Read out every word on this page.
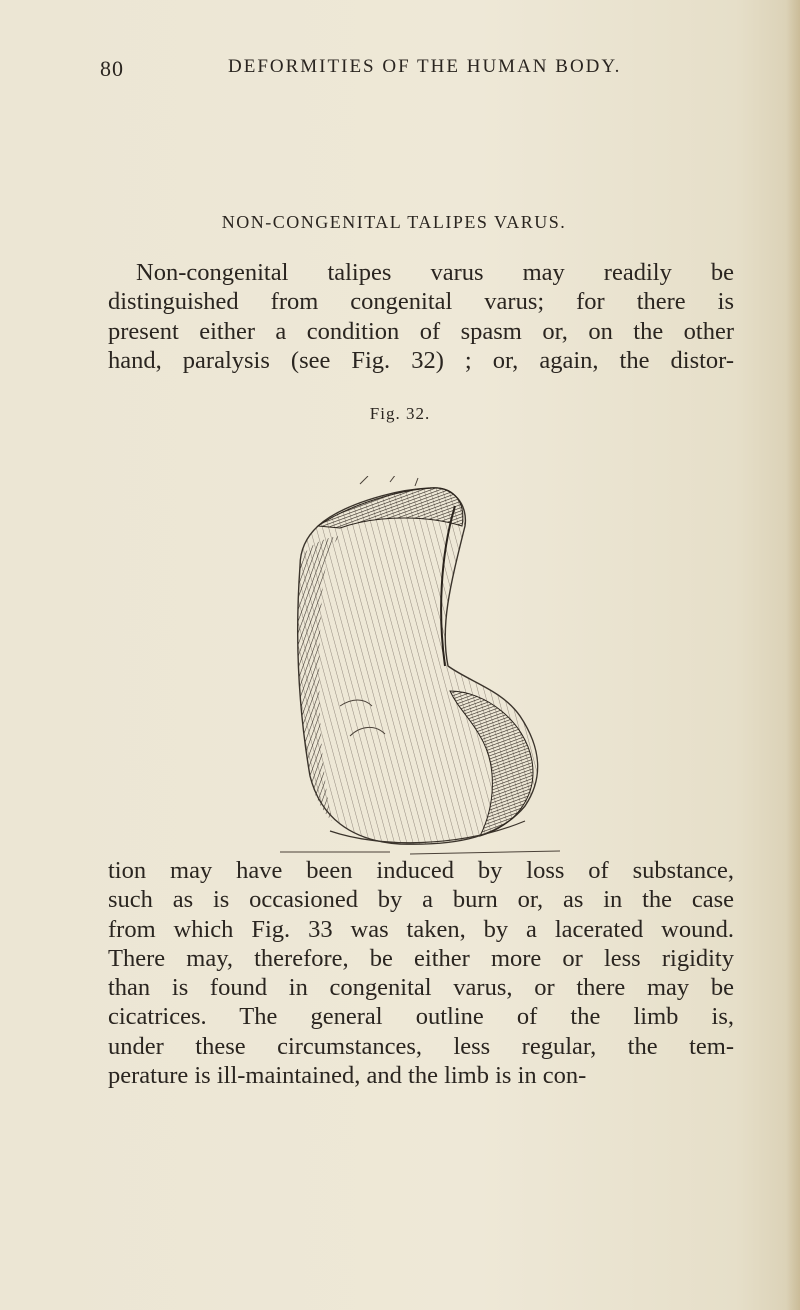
80	DEFORMITIES OF THE HUMAN BODY.
NON-CONGENITAL TALIPES VARUS.
Non-congenital talipes varus may readily be
distinguished from congenital varus; for there is
present either a condition of spasm or, on the other
hand, paralysis (see Fig. 32) ; or, again, the distor-
Fig. 32.
tion may have been induced by loss of substance,
such as is occasioned by a burn or, as in the case
from which Fig. 33 was taken, by a lacerated wound.
There may, therefore, be either more or less rigidity
than is found in congenital varus, or there may be
cicatrices. The general outline of the limb is,
under these circumstances, less regular, the tem-
perature is ill-maintained, and the limb is in con-
